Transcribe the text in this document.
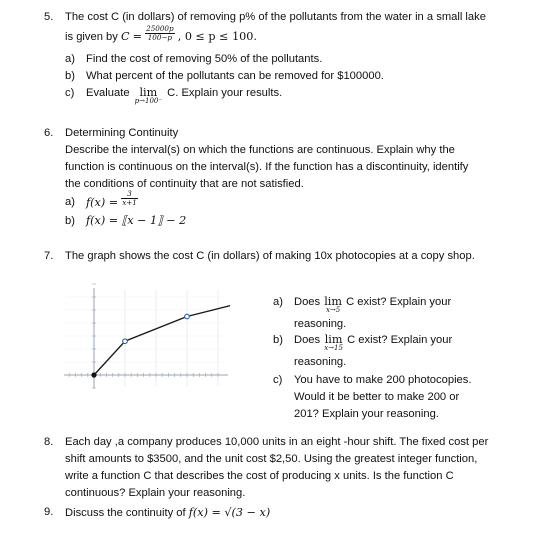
5. The cost C (in dollars) of removing p% of the pollutants from the water in a small lake
is given by $C = \frac{25000p}{100-p}$ , 0 ≤ p ≤ 100.
a) Find the cost of removing 50% of the pollutants.
b) What percent of the pollutants can be removed for $100000.
c) Evaluate lim
p→100⁻
C. Explain your results.
6. Determining Continuity
Describe the interval(s) on which the functions are continuous. Explain why the
function is continuous on the interval(s). If the function has a discontinuity, identify
the conditions of continuity that are not satisfied.
a) $f(x) = \frac{3}{x+1}$
b) f(x) = ⟦x − 1⟧ − 2
7. The graph shows the cost C (in dollars) of making 10x photocopies at a copy shop.
a) Does lim
x→5
C exist? Explain your
reasoning.
b) Does lim
x→15
C exist? Explain your
reasoning.
c) You have to make 200 photocopies.
Would it be better to make 200 or
201? Explain your reasoning.
8. Each day ,a company produces 10,000 units in an eight -hour shift. The fixed cost per
shift amounts to $3500, and the unit cost $2,50. Using the greatest integer function,
write a function C that describes the cost of producing x units. Is the function C
continuous? Explain your reasoning.
9. Discuss the continuity of f(x) = √(3 − x)
